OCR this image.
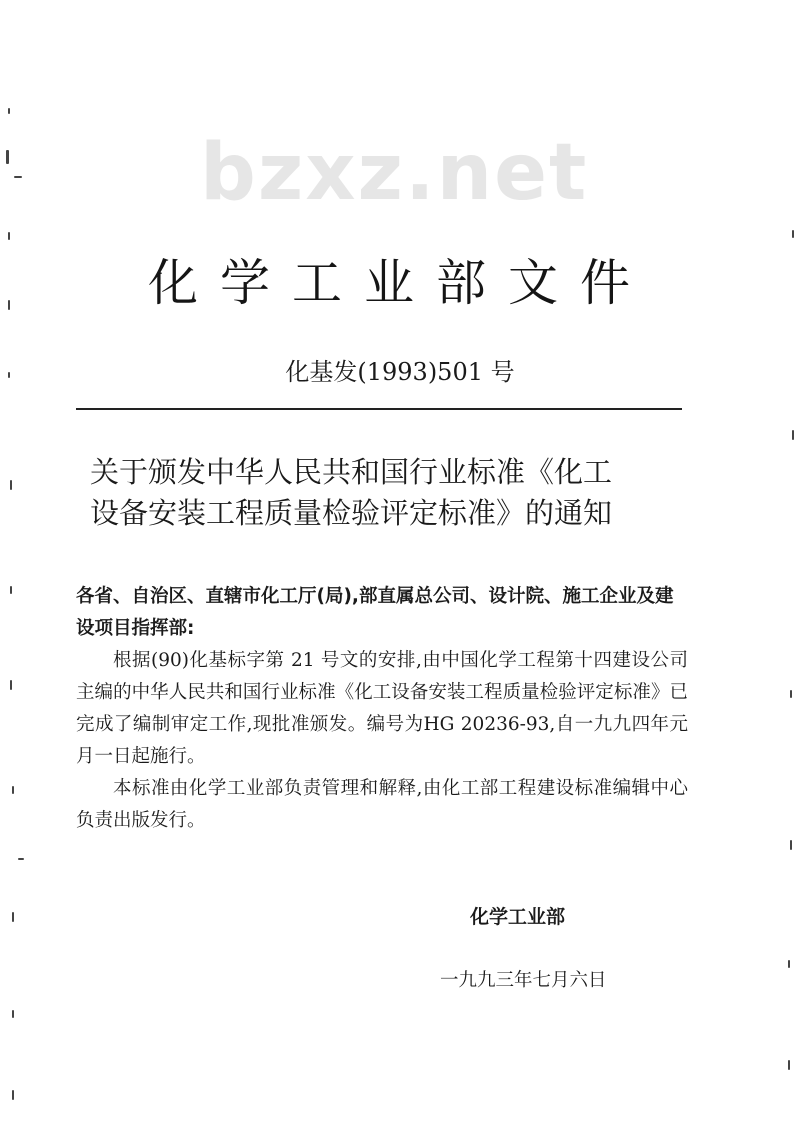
bzxz.net
化学工业部文件
化基发(1993)501 号
关于颁发中华人民共和国行业标准《化工
设备安装工程质量检验评定标准》的通知
各省、自治区、直辖市化工厅(局),部直属总公司、设计院、施工企业及建设项目指挥部:

根据(90)化基标字第 21 号文的安排,由中国化学工程第十四建设公司主编的中华人民共和国行业标准《化工设备安装工程质量检验评定标准》已完成了编制审定工作,现批准颁发。编号为HG 20236-93,自一九九四年元月一日起施行。

本标准由化学工业部负责管理和解释,由化工部工程建设标准编辑中心负责出版发行。

化学工业部
一九九三年七月六日
